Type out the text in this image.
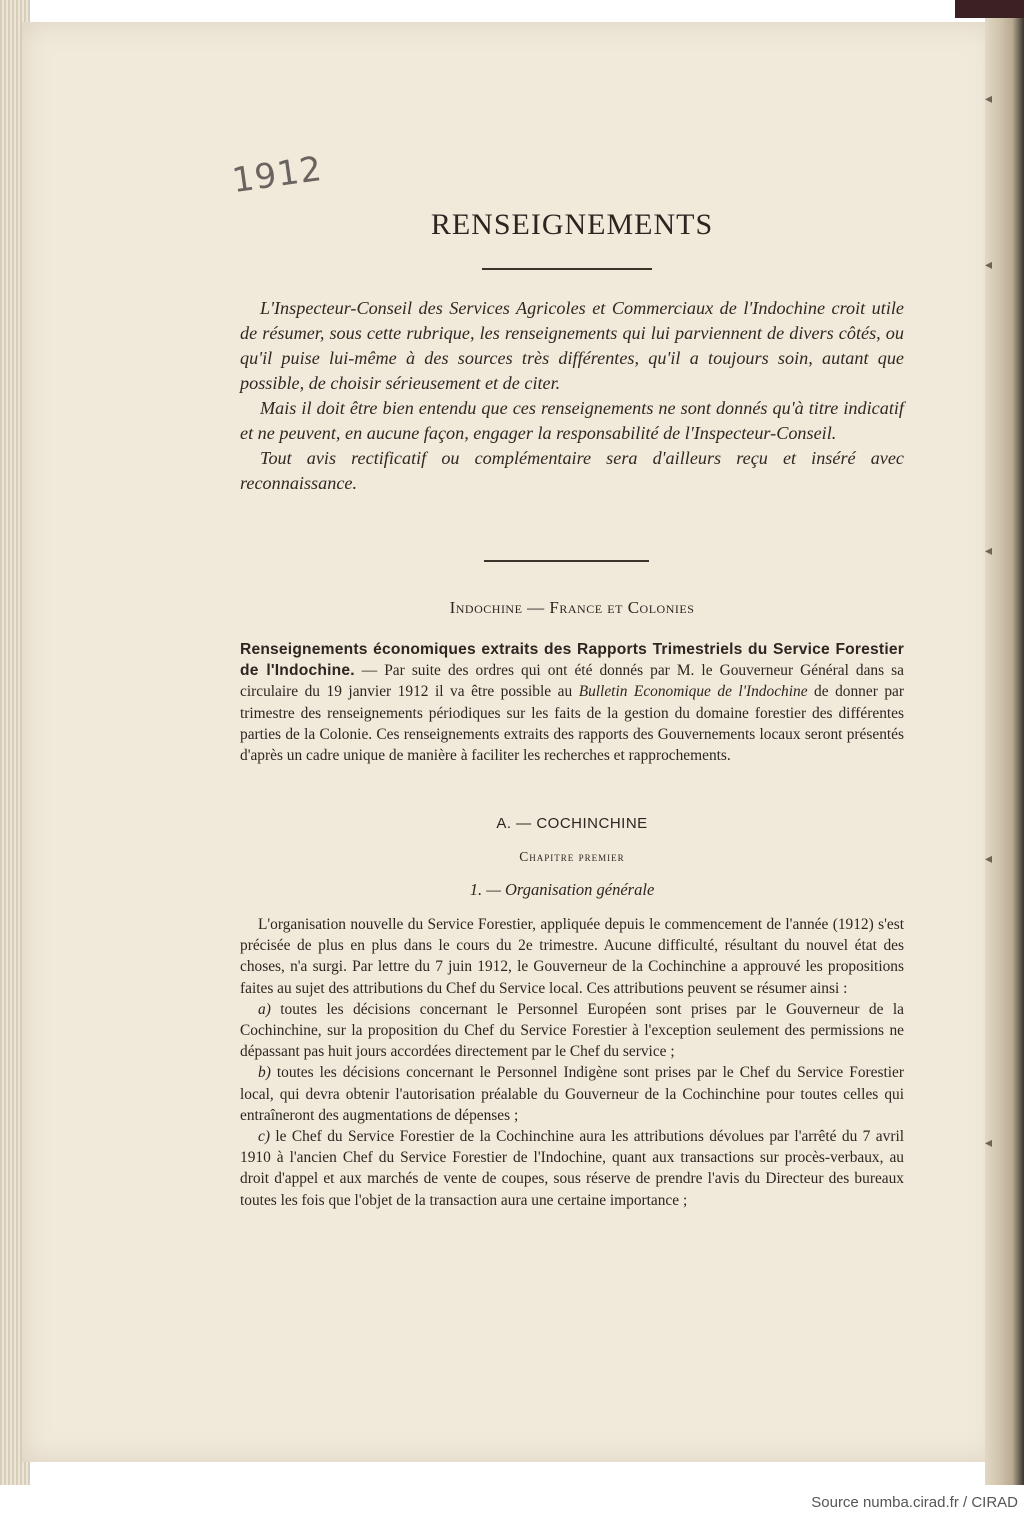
◂
◂
◂
◂
◂
1912
RENSEIGNEMENTS

L'Inspecteur-Conseil des Services Agricoles et Commerciaux de l'Indochine croit utile de résumer, sous cette rubrique, les renseignements qui lui parviennent de divers côtés, ou qu'il puise lui-même à des sources très différentes, qu'il a toujours soin, autant que possible, de choisir sérieusement et de citer.

Mais il doit être bien entendu que ces renseignements ne sont donnés qu'à titre indicatif et ne peuvent, en aucune façon, engager la responsabilité de l'Inspecteur-Conseil.

Tout avis rectificatif ou complémentaire sera d'ailleurs reçu et inséré avec reconnaissance.

Indochine — France et Colonies

Renseignements économiques extraits des Rapports Trimestriels du Service Forestier de l'Indochine. — Par suite des ordres qui ont été donnés par M. le Gouverneur Général dans sa circulaire du 19 janvier 1912 il va être possible au Bulletin Economique de l'Indochine de donner par trimestre des renseignements périodiques sur les faits de la gestion du domaine forestier des différentes parties de la Colonie. Ces renseignements extraits des rapports des Gouvernements locaux seront présentés d'après un cadre unique de manière à faciliter les recherches et rapprochements.

A. — COCHINCHINE
Chapitre premier
1. — Organisation générale

L'organisation nouvelle du Service Forestier, appliquée depuis le commencement de l'année (1912) s'est précisée de plus en plus dans le cours du 2e trimestre. Aucune difficulté, résultant du nouvel état des choses, n'a surgi. Par lettre du 7 juin 1912, le Gouverneur de la Cochinchine a approuvé les propositions faites au sujet des attributions du Chef du Service local. Ces attributions peuvent se résumer ainsi :

a) toutes les décisions concernant le Personnel Européen sont prises par le Gouverneur de la Cochinchine, sur la proposition du Chef du Service Forestier à l'exception seulement des permissions ne dépassant pas huit jours accordées directement par le Chef du service ;

b) toutes les décisions concernant le Personnel Indigène sont prises par le Chef du Service Forestier local, qui devra obtenir l'autorisation préalable du Gouverneur de la Cochinchine pour toutes celles qui entraîneront des augmentations de dépenses ;

c) le Chef du Service Forestier de la Cochinchine aura les attributions dévolues par l'arrêté du 7 avril 1910 à l'ancien Chef du Service Forestier de l'Indochine, quant aux transactions sur procès-verbaux, au droit d'appel et aux marchés de vente de coupes, sous réserve de prendre l'avis du Directeur des bureaux toutes les fois que l'objet de la transaction aura une certaine importance ;

Source numba.cirad.fr / CIRAD
